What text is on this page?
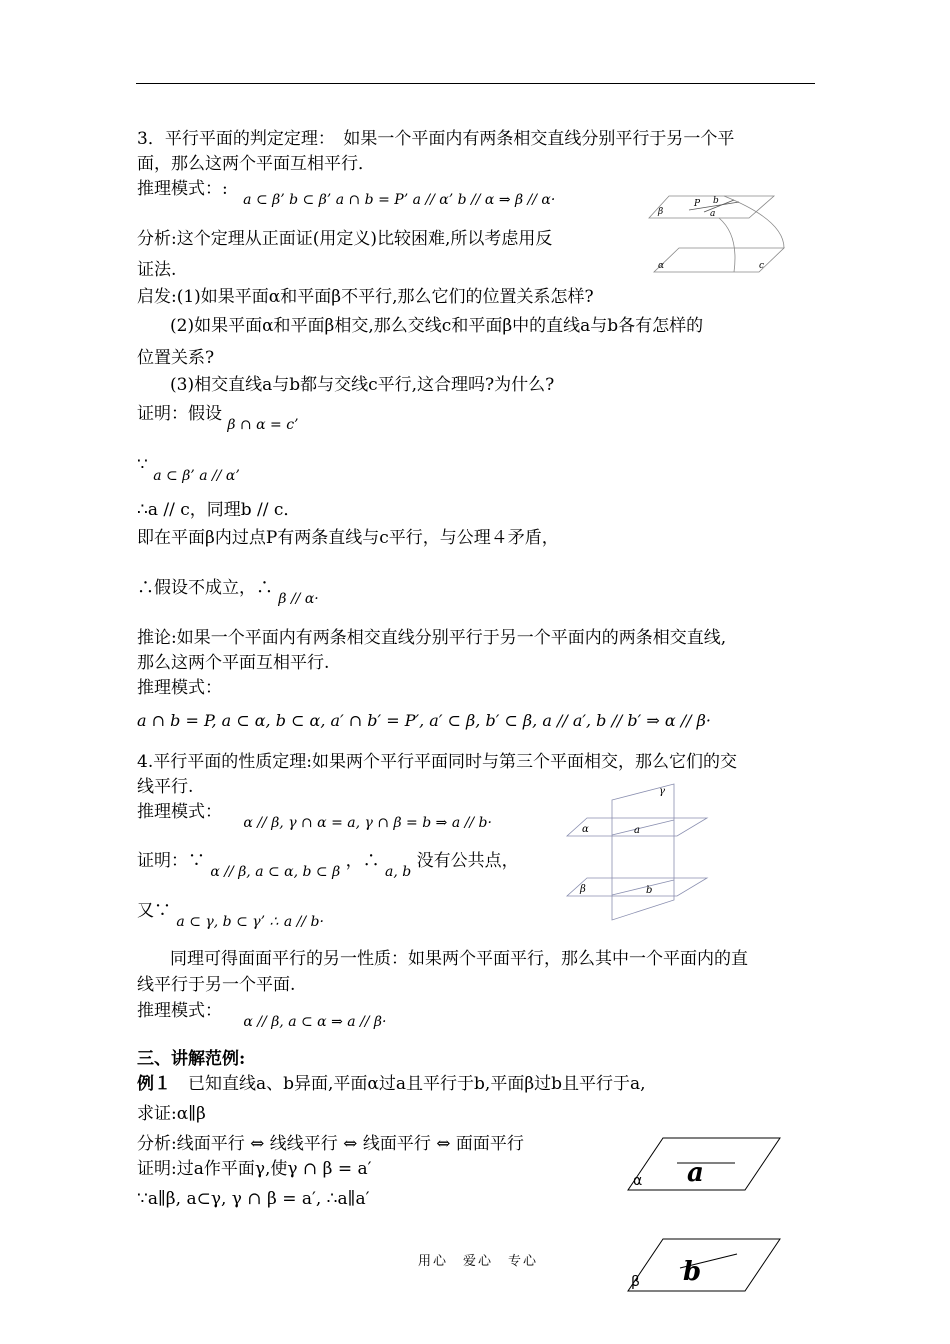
3．平行平面的判定定理：　如果一个平面内有两条相交直线分别平行于另一个平
面，那么这两个平面互相平行．
推理模式：: $_{a \subset \beta’ b \subset \beta’ a \cap b = P’ a // \alpha’ b // \alpha \Rightarrow \beta // \alpha\cdot}$
分析:这个定理从正面证(用定义)比较困难,所以考虑用反
证法.
启发:(1)如果平面α和平面β不平行,那么它们的位置关系怎样?
(2)如果平面α和平面β相交,那么交线c和平面β中的直线a与b各有怎样的
位置关系?
(3)相交直线a与b都与交线c平行,这合理吗?为什么?
证明：假设 $_{\beta \cap \alpha = c’}$
∵ $_{a \subset \beta’ a // \alpha’}$
∴a // c，同理b // c．
即在平面β内过点P有两条直线与c平行，与公理４矛盾，
∴假设不成立，∴ $_{\beta // \alpha\cdot}$
推论:如果一个平面内有两条相交直线分别平行于另一个平面内的两条相交直线,
那么这两个平面互相平行.
推理模式：
a ∩ b = P, a ⊂ α, b ⊂ α, a′ ∩ b′ = P′, a′ ⊂ β, b′ ⊂ β, a // a′, b // b′ ⇒ α // β·
4.平行平面的性质定理:如果两个平行平面同时与第三个平面相交，那么它们的交
线平行.
推理模式： $_{\alpha // \beta, \gamma \cap \alpha = a, \gamma \cap \beta = b \Rightarrow a // b\cdot}$
证明：∵ $_{\alpha // \beta, a \subset \alpha, b \subset \beta}$ ，∴ $_{a, b}$ 没有公共点，
又∵ $_{a \subset \gamma, b \subset \gamma’ \therefore}$ $_{a // b\cdot}$
同理可得面面平行的另一性质：如果两个平面平行，那么其中一个平面内的直
线平行于另一个平面.
推理模式： $_{\alpha // \beta, a \subset \alpha \Rightarrow a // \beta\cdot}$
三、讲解范例:
例１　已知直线a、b异面,平面α过a且平行于b,平面β过b且平行于a,
求证:α∥β
分析:线面平行 ⇔ 线线平行 ⇔ 线面平行 ⇔ 面面平行
证明:过a作平面γ,使γ ∩ β = a′
∵a∥β, a⊂γ, γ ∩ β = a′, ∴a∥a′
P b
β	a
α	c
γ
α	a
β	b
α a
β b
用心　爱心　专心
